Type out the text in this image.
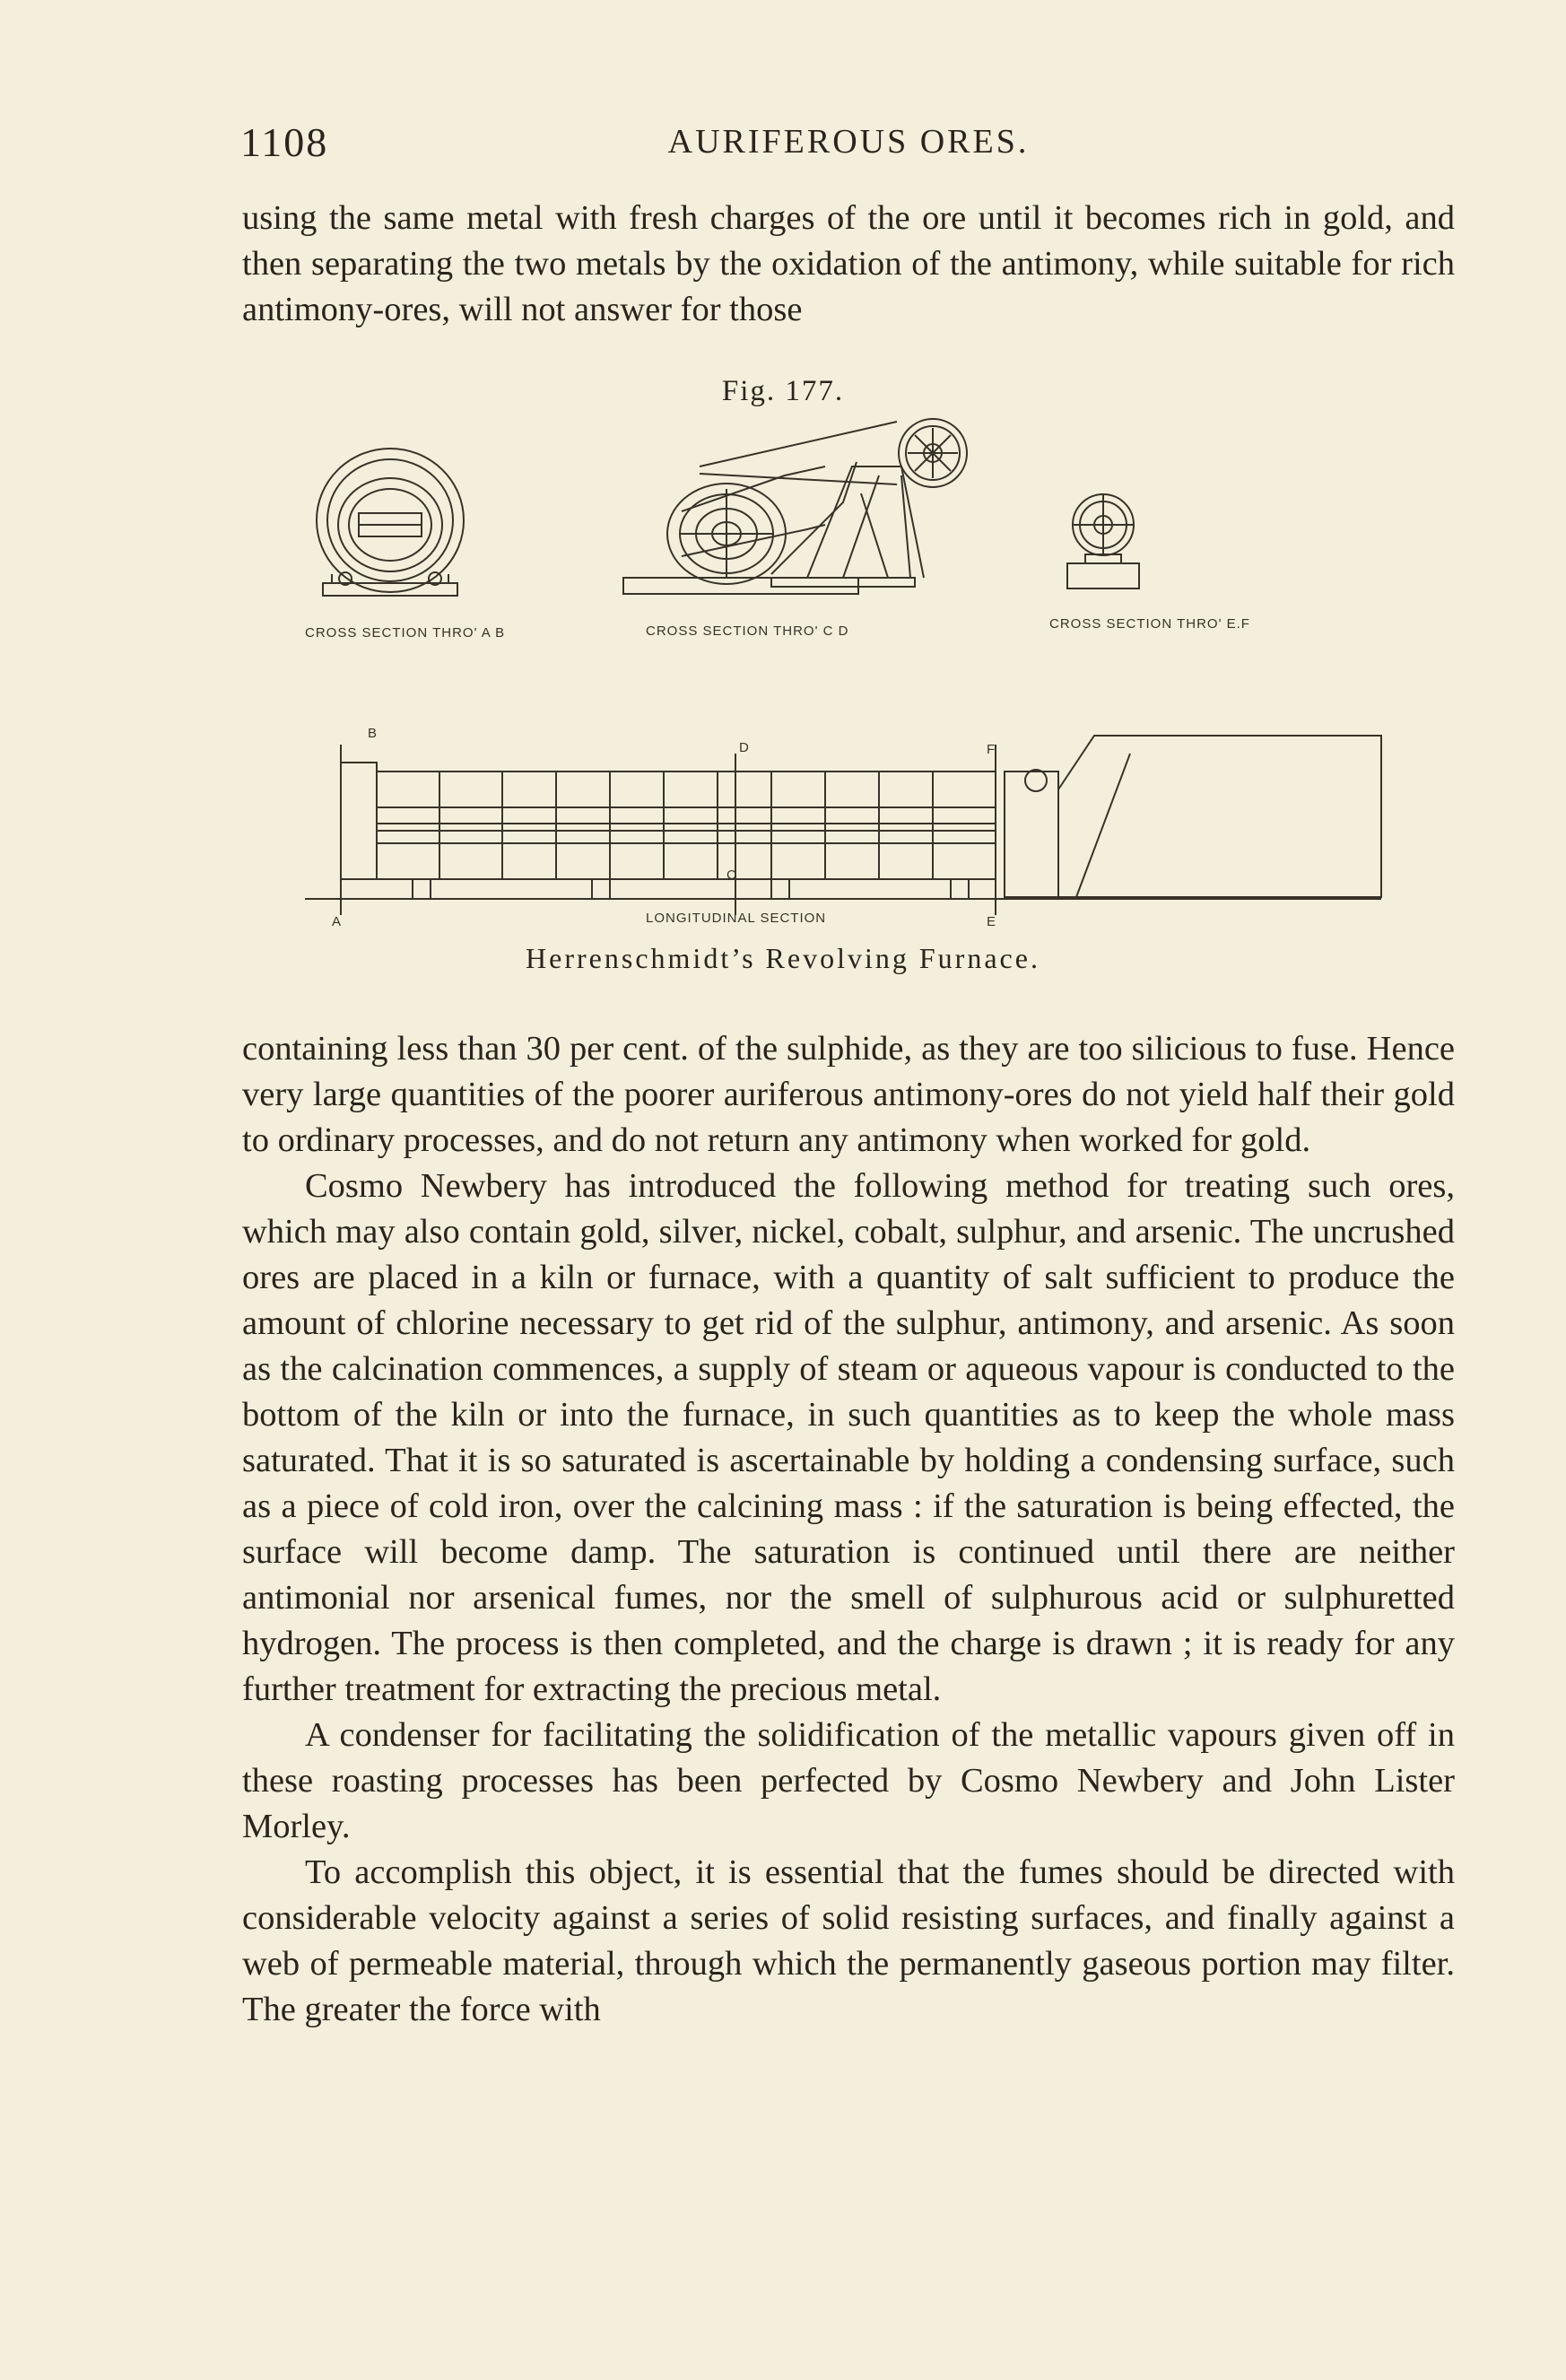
1108	AURIFEROUS ORES.

using the same metal with fresh charges of the ore until it becomes rich in gold, and then separating the two metals by the oxidation of the antimony, while suitable for rich antimony-ores, will not answer for those

Fig. 177.
CROSS SECTION THRO' A B	CROSS SECTION THRO' C D	CROSS SECTION THRO' E.F
LONGITUDINAL SECTION
A
B
C
D
E
F
Herrenschmidt’s Revolving Furnace.

containing less than 30 per cent. of the sulphide, as they are too silicious to fuse. Hence very large quantities of the poorer auriferous antimony-ores do not yield half their gold to ordinary processes, and do not return any antimony when worked for gold.

Cosmo Newbery has introduced the following method for treating such ores, which may also contain gold, silver, nickel, cobalt, sulphur, and arsenic. The uncrushed ores are placed in a kiln or furnace, with a quantity of salt sufficient to produce the amount of chlorine necessary to get rid of the sulphur, antimony, and arsenic. As soon as the calcination commences, a supply of steam or aqueous vapour is conducted to the bottom of the kiln or into the furnace, in such quantities as to keep the whole mass saturated. That it is so saturated is ascertainable by holding a condensing surface, such as a piece of cold iron, over the calcining mass : if the saturation is being effected, the surface will become damp. The saturation is continued until there are neither antimonial nor arsenical fumes, nor the smell of sulphurous acid or sulphuretted hydrogen. The process is then completed, and the charge is drawn ; it is ready for any further treatment for extracting the precious metal.

A condenser for facilitating the solidification of the metallic vapours given off in these roasting processes has been perfected by Cosmo Newbery and John Lister Morley.

To accomplish this object, it is essential that the fumes should be directed with considerable velocity against a series of solid resisting surfaces, and finally against a web of permeable material, through which the permanently gaseous portion may filter. The greater the force with
